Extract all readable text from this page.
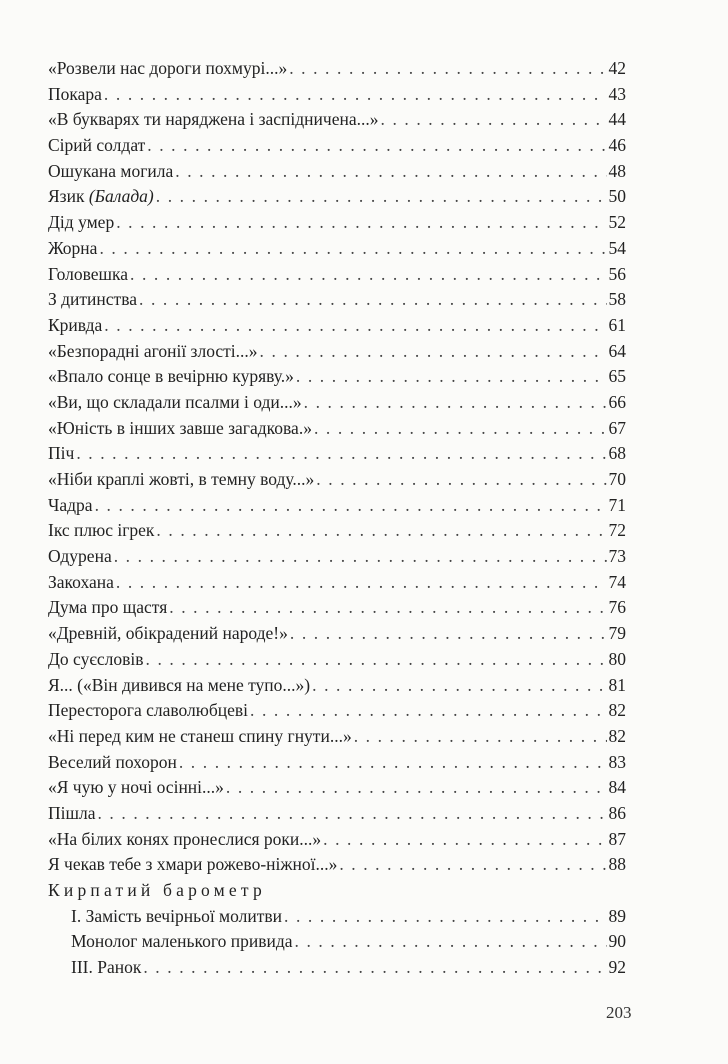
«Розвели нас дороги похмурі...» . . .	42
Покара . . .	43
«В букварях ти наряджена і заспідничена...» . . .	44
Сірий солдат . . .	46
Ошукана могила . . .	48
Язик (Балада) . . .	50
Дід умер . . .	52
Жорна . . .	54
Головешка . . .	56
З дитинства . . .	58
Кривда . . .	61
«Безпорадні агонії злості...» . . .	64
«Впало сонце в вечірню куряву.» . . .	65
«Ви, що складали псалми і оди...» . . .	66
«Юність в інших завше загадкова.» . . .	67
Піч . . .	68
«Ніби краплі жовті, в темну воду...» . . .	70
Чадра . . .	71
Ікс плюс ігрек . . .	72
Одурена . . .	73
Закохана . . .	74
Дума про щастя . . .	76
«Древній, обікрадений народе!» . . .	79
До суєсловів . . .	80
Я... («Він дивився на мене тупо...») . . .	81
Пересторога славолюбцеві . . .	82
«Ні перед ким не станеш спину гнути...» . . .	82
Веселий похорон . . .	83
«Я чую у ночі осінні...» . . .	84
Пішла . . .	86
«На білих конях пронеслися роки...» . . .	87
Я чекав тебе з хмари рожево-ніжної...» . . .	88
Кирпатий барометр
І. Замість вечірньої молитви . . .	89
Монолог маленького привида . . .	90
ІІІ. Ранок . . .	92
203
